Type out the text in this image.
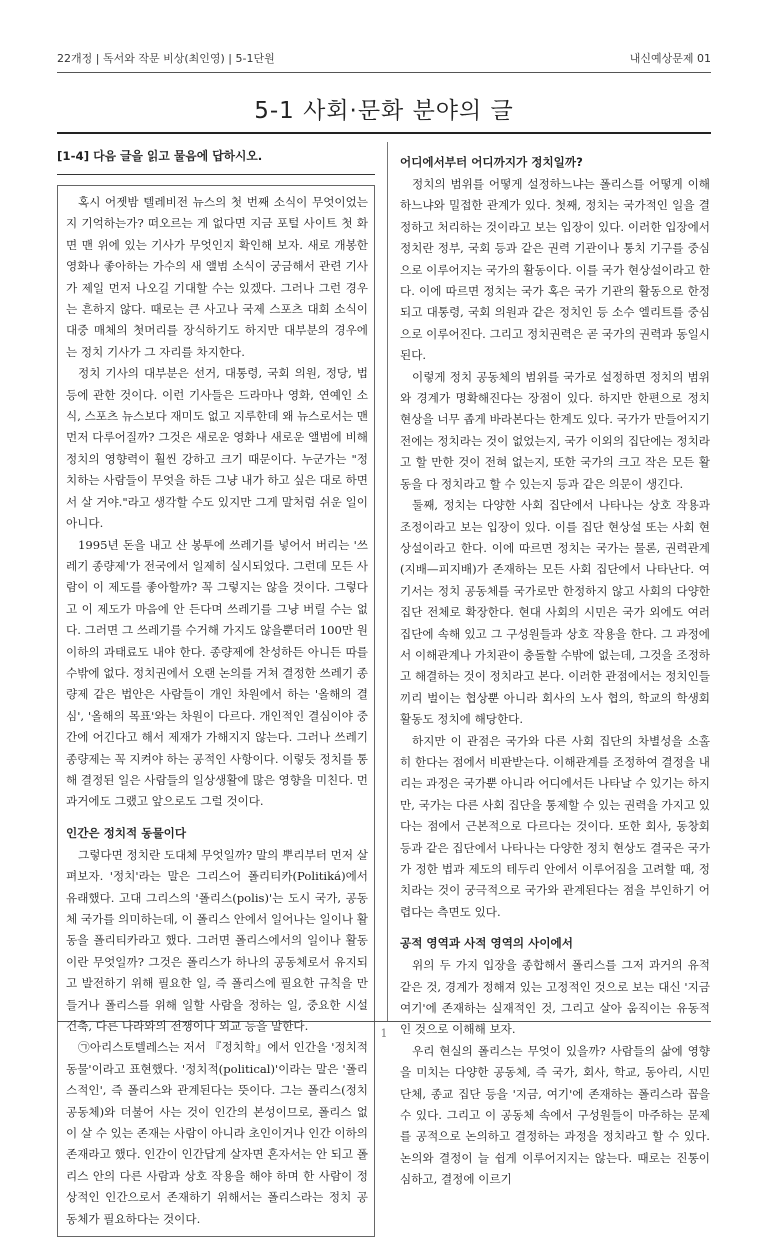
22개정 | 독서와 작문 비상(최인영) | 5-1단원	내신예상문제 01
5-1 사회·문화 분야의 글
[1-4] 다음 글을 읽고 물음에 답하시오.

혹시 어젯밤 텔레비전 뉴스의 첫 번째 소식이 무엇이었는지 기억하는가? 떠오르는 게 없다면 지금 포털 사이트 첫 화면 맨 위에 있는 기사가 무엇인지 확인해 보자. 새로 개봉한 영화나 좋아하는 가수의 새 앨범 소식이 궁금해서 관련 기사가 제일 먼저 나오길 기대할 수는 있겠다. 그러나 그런 경우는 흔하지 않다. 때로는 큰 사고나 국제 스포츠 대회 소식이 대중 매체의 첫머리를 장식하기도 하지만 대부분의 경우에는 정치 기사가 그 자리를 차지한다.

정치 기사의 대부분은 선거, 대통령, 국회 의원, 정당, 법 등에 관한 것이다. 이런 기사들은 드라마나 영화, 연예인 소식, 스포츠 뉴스보다 재미도 없고 지루한데 왜 뉴스로서는 맨 먼저 다루어질까? 그것은 새로운 영화나 새로운 앨범에 비해 정치의 영향력이 훨씬 강하고 크기 때문이다. 누군가는 "정치하는 사람들이 무엇을 하든 그냥 내가 하고 싶은 대로 하면서 살 거야."라고 생각할 수도 있지만 그게 말처럼 쉬운 일이 아니다.

1995년 돈을 내고 산 봉투에 쓰레기를 넣어서 버리는 '쓰레기 종량제'가 전국에서 일제히 실시되었다. 그런데 모든 사람이 이 제도를 좋아할까? 꼭 그렇지는 않을 것이다. 그렇다고 이 제도가 마음에 안 든다며 쓰레기를 그냥 버릴 수는 없다. 그러면 그 쓰레기를 수거해 가지도 않을뿐더러 100만 원 이하의 과태료도 내야 한다. 종량제에 찬성하든 아니든 따를 수밖에 없다. 정치권에서 오랜 논의를 거쳐 결정한 쓰레기 종량제 같은 법안은 사람들이 개인 차원에서 하는 '올해의 결심', '올해의 목표'와는 차원이 다르다. 개인적인 결심이야 중간에 어긴다고 해서 제재가 가해지지 않는다. 그러나 쓰레기 종량제는 꼭 지켜야 하는 공적인 사항이다. 이렇듯 정치를 통해 결정된 일은 사람들의 일상생활에 많은 영향을 미친다. 먼 과거에도 그랬고 앞으로도 그럴 것이다.

인간은 정치적 동물이다

그렇다면 정치란 도대체 무엇일까? 말의 뿌리부터 먼저 살펴보자. '정치'라는 말은 그리스어 폴리티카(Politiká)에서 유래했다. 고대 그리스의 '폴리스(polis)'는 도시 국가, 공동체 국가를 의미하는데, 이 폴리스 안에서 일어나는 일이나 활동을 폴리티카라고 했다. 그러면 폴리스에서의 일이나 활동이란 무엇일까? 그것은 폴리스가 하나의 공동체로서 유지되고 발전하기 위해 필요한 일, 즉 폴리스에 필요한 규칙을 만들거나 폴리스를 위해 일할 사람을 정하는 일, 중요한 시설 건축, 다른 나라와의 전쟁이나 외교 등을 말한다.

㉠아리스토텔레스는 저서 『정치학』에서 인간을 '정치적 동물'이라고 표현했다. '정치적(political)'이라는 말은 '폴리스적인', 즉 폴리스와 관계된다는 뜻이다. 그는 폴리스(정치 공동체)와 더불어 사는 것이 인간의 본성이므로, 폴리스 없이 살 수 있는 존재는 사람이 아니라 초인이거나 인간 이하의 존재라고 했다. 인간이 인간답게 살자면 혼자서는 안 되고 폴리스 안의 다른 사람과 상호 작용을 해야 하며 한 사람이 정상적인 인간으로서 존재하기 위해서는 폴리스라는 정치 공동체가 필요하다는 것이다.

어디에서부터 어디까지가 정치일까?

정치의 범위를 어떻게 설정하느냐는 폴리스를 어떻게 이해하느냐와 밀접한 관계가 있다. 첫째, 정치는 국가적인 일을 결정하고 처리하는 것이라고 보는 입장이 있다. 이러한 입장에서 정치란 정부, 국회 등과 같은 권력 기관이나 통치 기구를 중심으로 이루어지는 국가의 활동이다. 이를 국가 현상설이라고 한다. 이에 따르면 정치는 국가 혹은 국가 기관의 활동으로 한정되고 대통령, 국회 의원과 같은 정치인 등 소수 엘리트를 중심으로 이루어진다. 그리고 정치권력은 곧 국가의 권력과 동일시된다.

이렇게 정치 공동체의 범위를 국가로 설정하면 정치의 범위와 경계가 명확해진다는 장점이 있다. 하지만 한편으로 정치 현상을 너무 좁게 바라본다는 한계도 있다. 국가가 만들어지기 전에는 정치라는 것이 없었는지, 국가 이외의 집단에는 정치라고 할 만한 것이 전혀 없는지, 또한 국가의 크고 작은 모든 활동을 다 정치라고 할 수 있는지 등과 같은 의문이 생긴다.

둘째, 정치는 다양한 사회 집단에서 나타나는 상호 작용과 조정이라고 보는 입장이 있다. 이를 집단 현상설 또는 사회 현상설이라고 한다. 이에 따르면 정치는 국가는 물론, 권력관계(지배—피지배)가 존재하는 모든 사회 집단에서 나타난다. 여기서는 정치 공동체를 국가로만 한정하지 않고 사회의 다양한 집단 전체로 확장한다. 현대 사회의 시민은 국가 외에도 여러 집단에 속해 있고 그 구성원들과 상호 작용을 한다. 그 과정에서 이해관계나 가치관이 충돌할 수밖에 없는데, 그것을 조정하고 해결하는 것이 정치라고 본다. 이러한 관점에서는 정치인들끼리 벌이는 협상뿐 아니라 회사의 노사 협의, 학교의 학생회 활동도 정치에 해당한다.

하지만 이 관점은 국가와 다른 사회 집단의 차별성을 소홀히 한다는 점에서 비판받는다. 이해관계를 조정하여 결정을 내리는 과정은 국가뿐 아니라 어디에서든 나타날 수 있기는 하지만, 국가는 다른 사회 집단을 통제할 수 있는 권력을 가지고 있다는 점에서 근본적으로 다르다는 것이다. 또한 회사, 동창회 등과 같은 집단에서 나타나는 다양한 정치 현상도 결국은 국가가 정한 법과 제도의 테두리 안에서 이루어짐을 고려할 때, 정치라는 것이 궁극적으로 국가와 관계된다는 점을 부인하기 어렵다는 측면도 있다.

공적 영역과 사적 영역의 사이에서

위의 두 가지 입장을 종합해서 폴리스를 그저 과거의 유적 같은 것, 경계가 정해져 있는 고정적인 것으로 보는 대신 '지금 여기'에 존재하는 실재적인 것, 그리고 살아 움직이는 유동적인 것으로 이해해 보자.

우리 현실의 폴리스는 무엇이 있을까? 사람들의 삶에 영향을 미치는 다양한 공동체, 즉 국가, 회사, 학교, 동아리, 시민 단체, 종교 집단 등을 '지금, 여기'에 존재하는 폴리스라 꼽을 수 있다. 그리고 이 공동체 속에서 구성원들이 마주하는 문제를 공적으로 논의하고 결정하는 과정을 정치라고 할 수 있다. 논의와 결정이 늘 쉽게 이루어지지는 않는다. 때로는 진통이 심하고, 결정에 이르기

1
